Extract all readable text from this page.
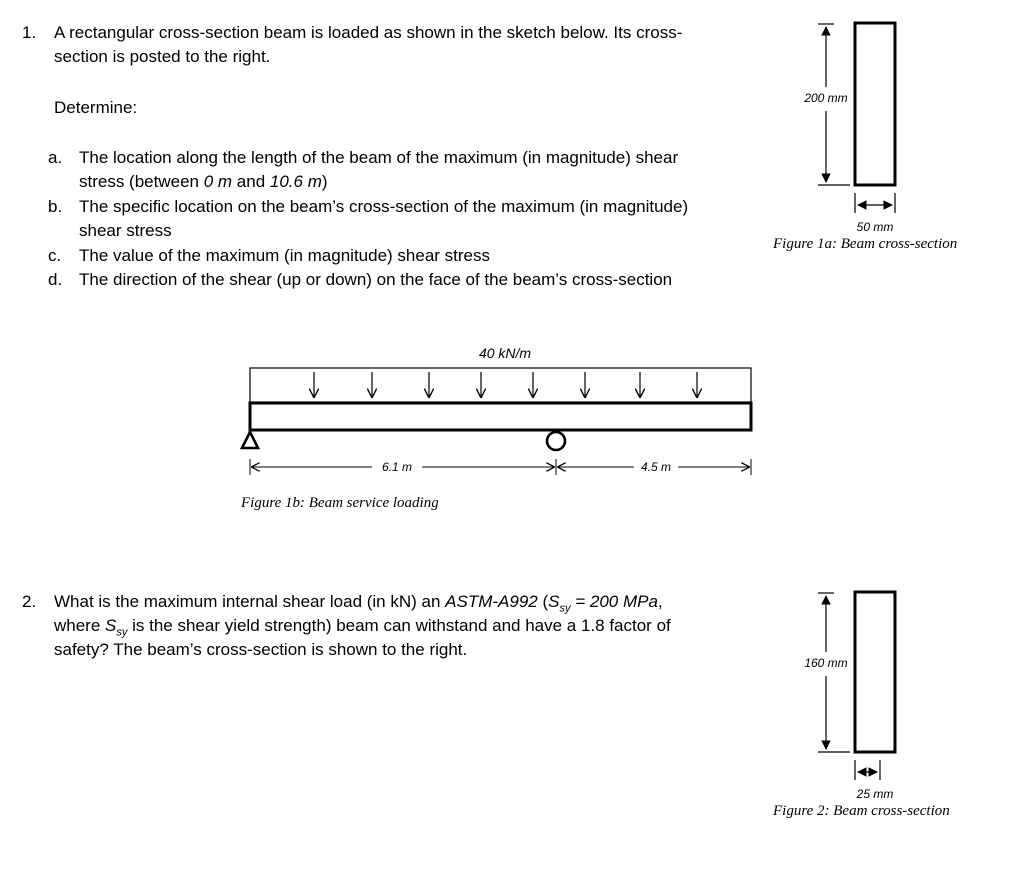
1. A rectangular cross-section beam is loaded as shown in the sketch below. Its cross-
section is posted to the right.
Determine:
a. The location along the length of the beam of the maximum (in magnitude) shear
stress (between 0 m and 10.6 m)
b. The specific location on the beam’s cross-section of the maximum (in magnitude)
shear stress
c.	The value of the maximum (in magnitude) shear stress
d. The direction of the shear (up or down) on the face of the beam’s cross-section
200 mm
50 mm
Figure 1a: Beam cross-section
40 kN/m
6.1 m	4.5 m
Figure 1b: Beam service loading
2. What is the maximum internal shear load (in kN) an ASTM-A992 ($S_{sy} = 200$ MPa,
where $S_{sy}$ is the shear yield strength) beam can withstand and have a 1.8 factor of
safety? The beam’s cross-section is shown to the right.
160 mm
25 mm
Figure 2: Beam cross-section
